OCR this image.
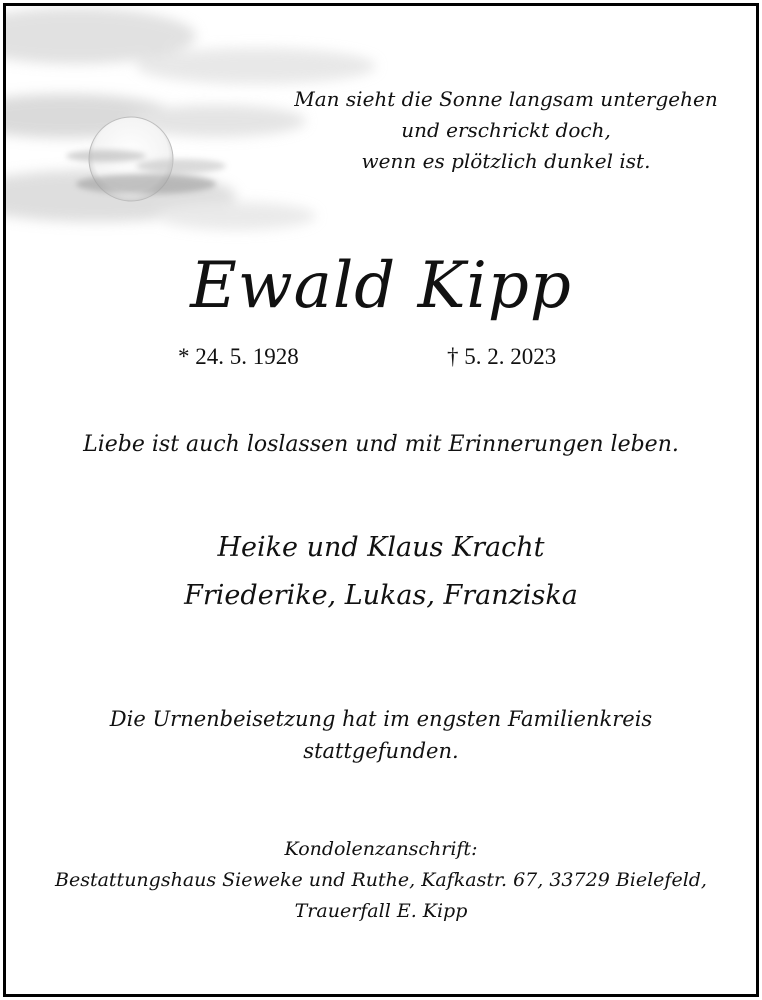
Man sieht die Sonne langsam untergehen
und erschrickt doch,
wenn es plötzlich dunkel ist.
Ewald Kipp
* 24. 5. 1928	† 5. 2. 2023
Liebe ist auch loslassen und mit Erinnerungen leben.
Heike und Klaus Kracht
Friederike, Lukas, Franziska
Die Urnenbeisetzung hat im engsten Familienkreis
stattgefunden.
Kondolenzanschrift:
Bestattungshaus Sieweke und Ruthe, Kafkastr. 67, 33729 Bielefeld,
Trauerfall E. Kipp
